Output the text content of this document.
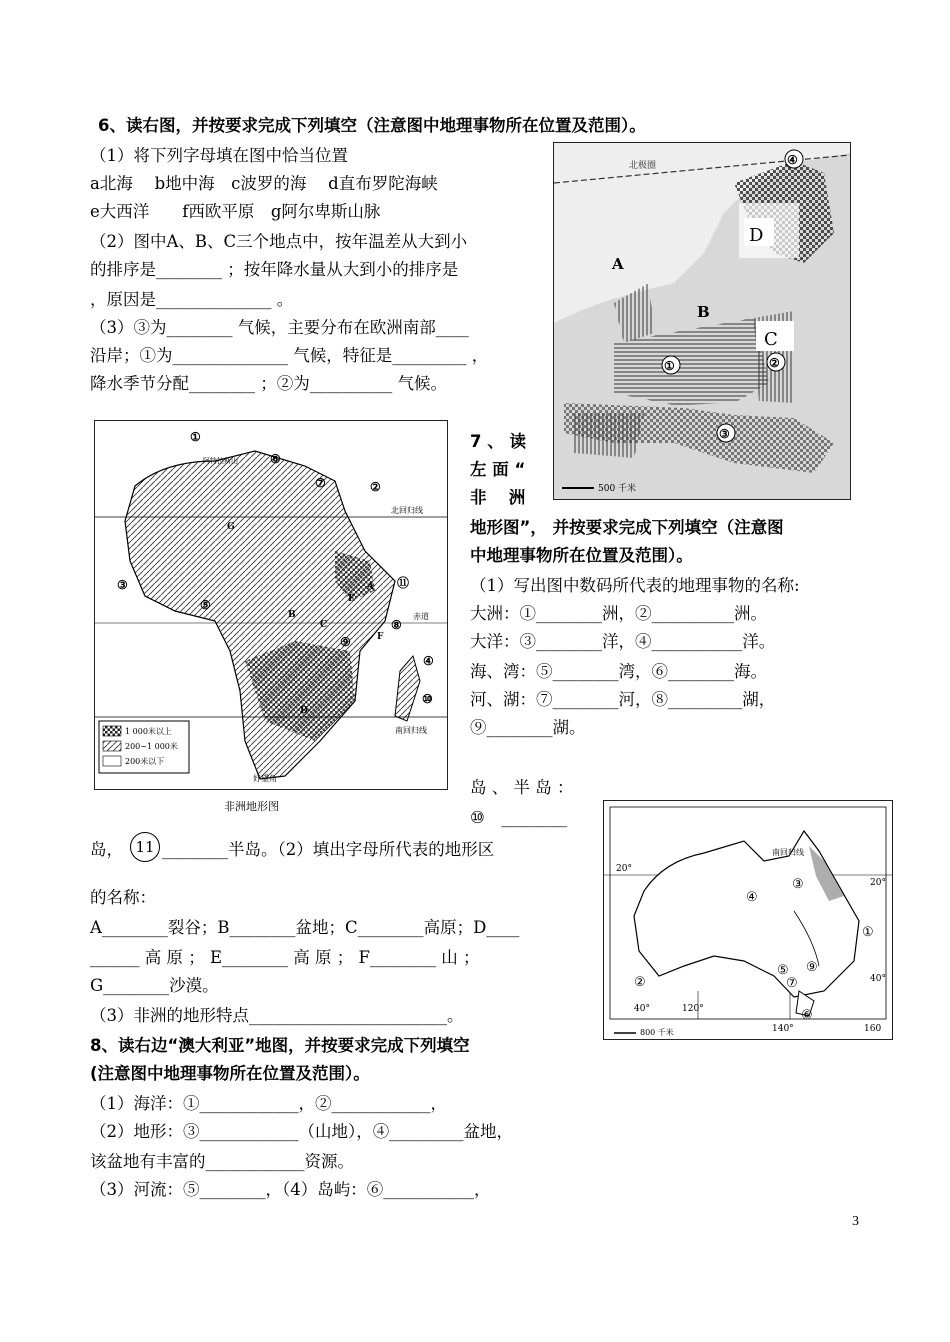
6、读右图，并按要求完成下列填空（注意图中地理事物所在位置及范围）。
（1）将下列字母填在图中恰当位置
a北海　 b地中海　c波罗的海 　d直布罗陀海峡
e大西洋　　f西欧平原　g阿尔卑斯山脉
（2）图中A、B、C三个地点中，按年温差从大到小
的排序是________ ；按年降水量从大到小的排序是
，原因是______________ 。
（3）③为________ 气候，主要分布在欧洲南部____
沿岸；①为______________ 气候，特征是_________ ，
降水季节分配________ ；②为__________ 气候。
北极圈
A
B
C
D
①	②
③
④
500 千米
北回归线
赤道
南回归线
阿特拉斯山
好望角
①
②
③
④
⑤
⑥
⑦
⑧
⑨
⑩
⑪
A
B
C
D
E
F
G
1 000米以上
200~1 000米
200米以下
非洲地形图
7 、 读
左 面 “
非　 洲
地形图”， 并按要求完成下列填空（注意图
中地理事物所在位置及范围）。
（1）写出图中数码所代表的地理事物的名称:
大洲：①________洲，②__________洲。
大洋：③________洋，④___________洋。
海、湾：⑤________湾，⑥________海。
河、湖：⑦________河，⑧_________湖，
⑨________湖。
岛 、 半 岛 ：
⑩　________
岛， 11 ________半岛。（2）填出字母所代表的地形区
的名称：
A________裂谷；B________盆地；C________高原；D____
______ 高 原 ； E________ 高 原 ； F________ 山 ；
G________沙漠。
（3）非洲的地形特点________________________。
南回归线
①
②
③
④
⑤
⑥
⑦
⑨
20°
20°
40°	120°
140°	160
40°
800 千米
8、读右边“澳大利亚”地图，并按要求完成下列填空
(注意图中地理事物所在位置及范围）。
（1）海洋：①____________，②____________，
（2）地形：③____________（山地），④_________盆地，
该盆地有丰富的____________资源。
（3）河流：⑤________，（4）岛屿：⑥___________，
3
